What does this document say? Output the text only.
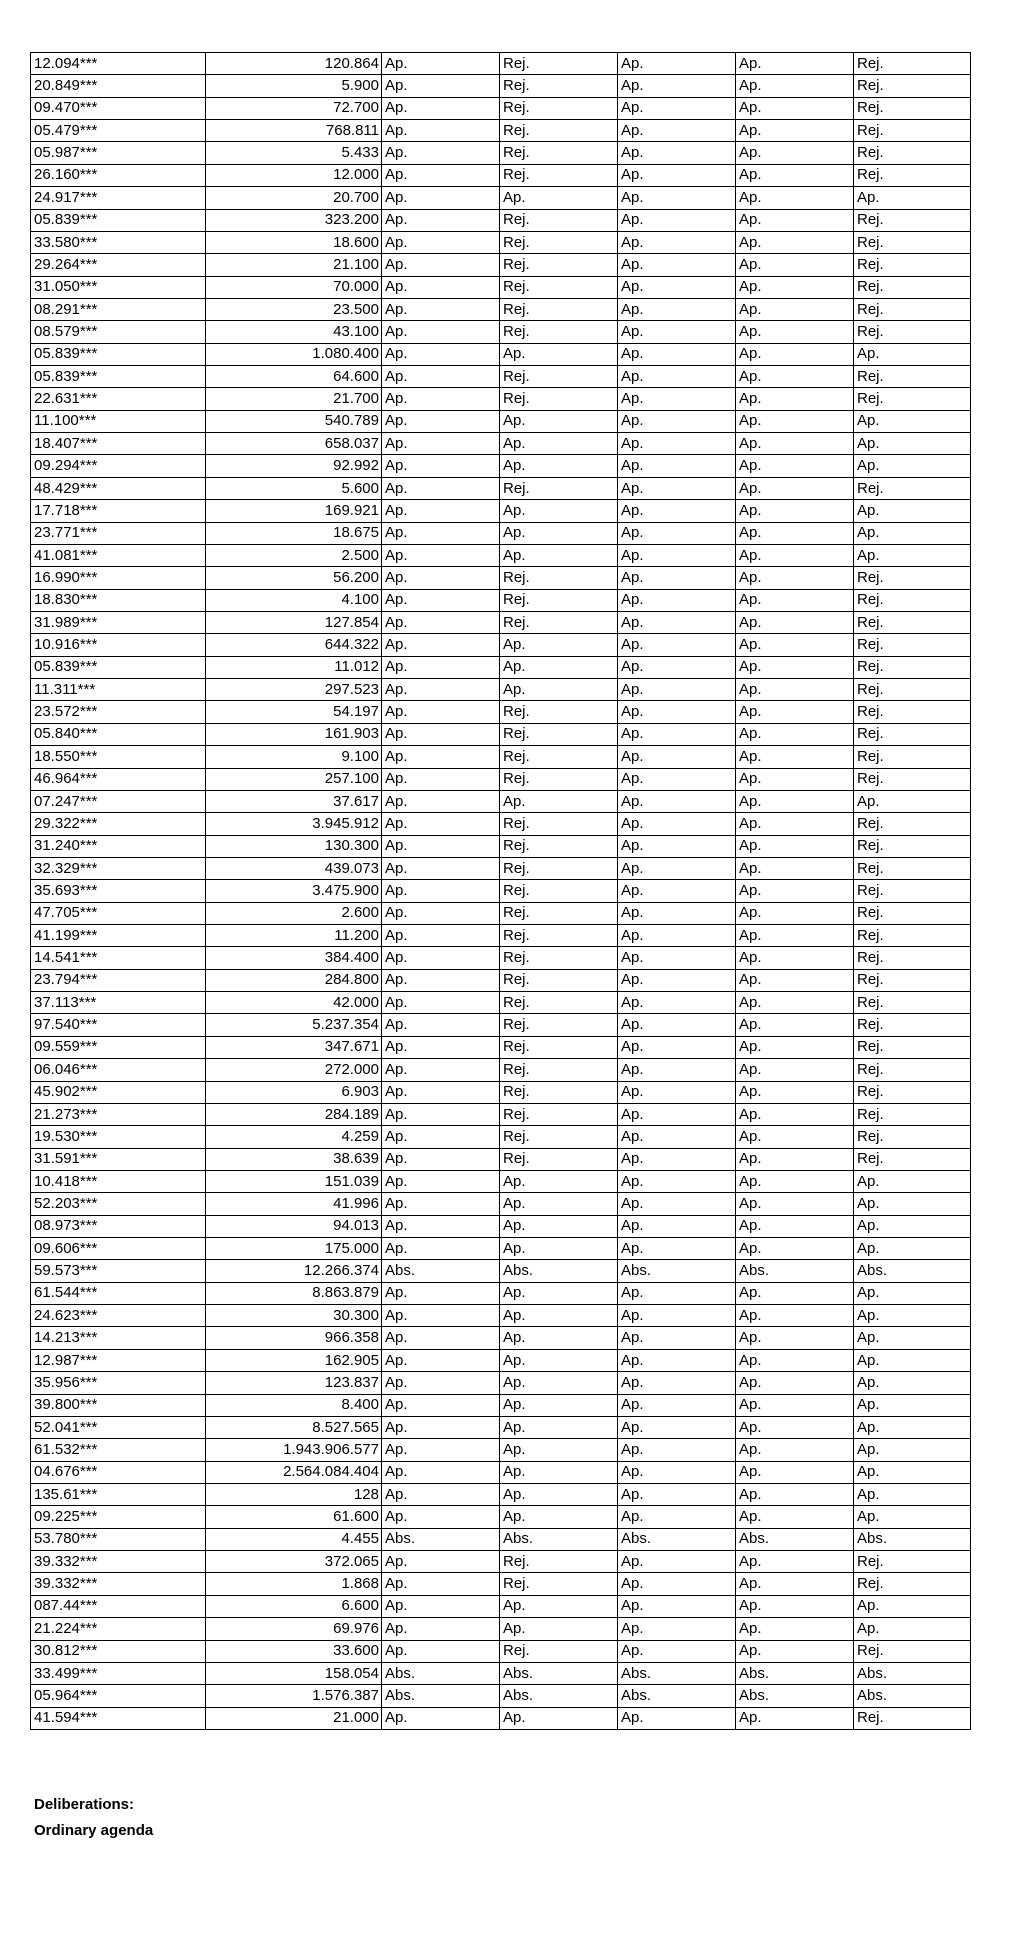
12.094***	120.864	Ap.	Rej.	Ap.	Ap.	Rej.
20.849***	5.900	Ap.	Rej.	Ap.	Ap.	Rej.
09.470***	72.700	Ap.	Rej.	Ap.	Ap.	Rej.
05.479***	768.811	Ap.	Rej.	Ap.	Ap.	Rej.
05.987***	5.433	Ap.	Rej.	Ap.	Ap.	Rej.
26.160***	12.000	Ap.	Rej.	Ap.	Ap.	Rej.
24.917***	20.700	Ap.	Ap.	Ap.	Ap.	Ap.
05.839***	323.200	Ap.	Rej.	Ap.	Ap.	Rej.
33.580***	18.600	Ap.	Rej.	Ap.	Ap.	Rej.
29.264***	21.100	Ap.	Rej.	Ap.	Ap.	Rej.
31.050***	70.000	Ap.	Rej.	Ap.	Ap.	Rej.
08.291***	23.500	Ap.	Rej.	Ap.	Ap.	Rej.
08.579***	43.100	Ap.	Rej.	Ap.	Ap.	Rej.
05.839***	1.080.400	Ap.	Ap.	Ap.	Ap.	Ap.
05.839***	64.600	Ap.	Rej.	Ap.	Ap.	Rej.
22.631***	21.700	Ap.	Rej.	Ap.	Ap.	Rej.
11.100***	540.789	Ap.	Ap.	Ap.	Ap.	Ap.
18.407***	658.037	Ap.	Ap.	Ap.	Ap.	Ap.
09.294***	92.992	Ap.	Ap.	Ap.	Ap.	Ap.
48.429***	5.600	Ap.	Rej.	Ap.	Ap.	Rej.
17.718***	169.921	Ap.	Ap.	Ap.	Ap.	Ap.
23.771***	18.675	Ap.	Ap.	Ap.	Ap.	Ap.
41.081***	2.500	Ap.	Ap.	Ap.	Ap.	Ap.
16.990***	56.200	Ap.	Rej.	Ap.	Ap.	Rej.
18.830***	4.100	Ap.	Rej.	Ap.	Ap.	Rej.
31.989***	127.854	Ap.	Rej.	Ap.	Ap.	Rej.
10.916***	644.322	Ap.	Ap.	Ap.	Ap.	Rej.
05.839***	11.012	Ap.	Ap.	Ap.	Ap.	Rej.
11.311***	297.523	Ap.	Ap.	Ap.	Ap.	Rej.
23.572***	54.197	Ap.	Rej.	Ap.	Ap.	Rej.
05.840***	161.903	Ap.	Rej.	Ap.	Ap.	Rej.
18.550***	9.100	Ap.	Rej.	Ap.	Ap.	Rej.
46.964***	257.100	Ap.	Rej.	Ap.	Ap.	Rej.
07.247***	37.617	Ap.	Ap.	Ap.	Ap.	Ap.
29.322***	3.945.912	Ap.	Rej.	Ap.	Ap.	Rej.
31.240***	130.300	Ap.	Rej.	Ap.	Ap.	Rej.
32.329***	439.073	Ap.	Rej.	Ap.	Ap.	Rej.
35.693***	3.475.900	Ap.	Rej.	Ap.	Ap.	Rej.
47.705***	2.600	Ap.	Rej.	Ap.	Ap.	Rej.
41.199***	11.200	Ap.	Rej.	Ap.	Ap.	Rej.
14.541***	384.400	Ap.	Rej.	Ap.	Ap.	Rej.
23.794***	284.800	Ap.	Rej.	Ap.	Ap.	Rej.
37.113***	42.000	Ap.	Rej.	Ap.	Ap.	Rej.
97.540***	5.237.354	Ap.	Rej.	Ap.	Ap.	Rej.
09.559***	347.671	Ap.	Rej.	Ap.	Ap.	Rej.
06.046***	272.000	Ap.	Rej.	Ap.	Ap.	Rej.
45.902***	6.903	Ap.	Rej.	Ap.	Ap.	Rej.
21.273***	284.189	Ap.	Rej.	Ap.	Ap.	Rej.
19.530***	4.259	Ap.	Rej.	Ap.	Ap.	Rej.
31.591***	38.639	Ap.	Rej.	Ap.	Ap.	Rej.
10.418***	151.039	Ap.	Ap.	Ap.	Ap.	Ap.
52.203***	41.996	Ap.	Ap.	Ap.	Ap.	Ap.
08.973***	94.013	Ap.	Ap.	Ap.	Ap.	Ap.
09.606***	175.000	Ap.	Ap.	Ap.	Ap.	Ap.
59.573***	12.266.374	Abs.	Abs.	Abs.	Abs.	Abs.
61.544***	8.863.879	Ap.	Ap.	Ap.	Ap.	Ap.
24.623***	30.300	Ap.	Ap.	Ap.	Ap.	Ap.
14.213***	966.358	Ap.	Ap.	Ap.	Ap.	Ap.
12.987***	162.905	Ap.	Ap.	Ap.	Ap.	Ap.
35.956***	123.837	Ap.	Ap.	Ap.	Ap.	Ap.
39.800***	8.400	Ap.	Ap.	Ap.	Ap.	Ap.
52.041***	8.527.565	Ap.	Ap.	Ap.	Ap.	Ap.
61.532***	1.943.906.577	Ap.	Ap.	Ap.	Ap.	Ap.
04.676***	2.564.084.404	Ap.	Ap.	Ap.	Ap.	Ap.
135.61***	128	Ap.	Ap.	Ap.	Ap.	Ap.
09.225***	61.600	Ap.	Ap.	Ap.	Ap.	Ap.
53.780***	4.455	Abs.	Abs.	Abs.	Abs.	Abs.
39.332***	372.065	Ap.	Rej.	Ap.	Ap.	Rej.
39.332***	1.868	Ap.	Rej.	Ap.	Ap.	Rej.
087.44***	6.600	Ap.	Ap.	Ap.	Ap.	Ap.
21.224***	69.976	Ap.	Ap.	Ap.	Ap.	Ap.
30.812***	33.600	Ap.	Rej.	Ap.	Ap.	Rej.
33.499***	158.054	Abs.	Abs.	Abs.	Abs.	Abs.
05.964***	1.576.387	Abs.	Abs.	Abs.	Abs.	Abs.
41.594***	21.000	Ap.	Ap.	Ap.	Ap.	Rej.
Deliberations:
Ordinary agenda
